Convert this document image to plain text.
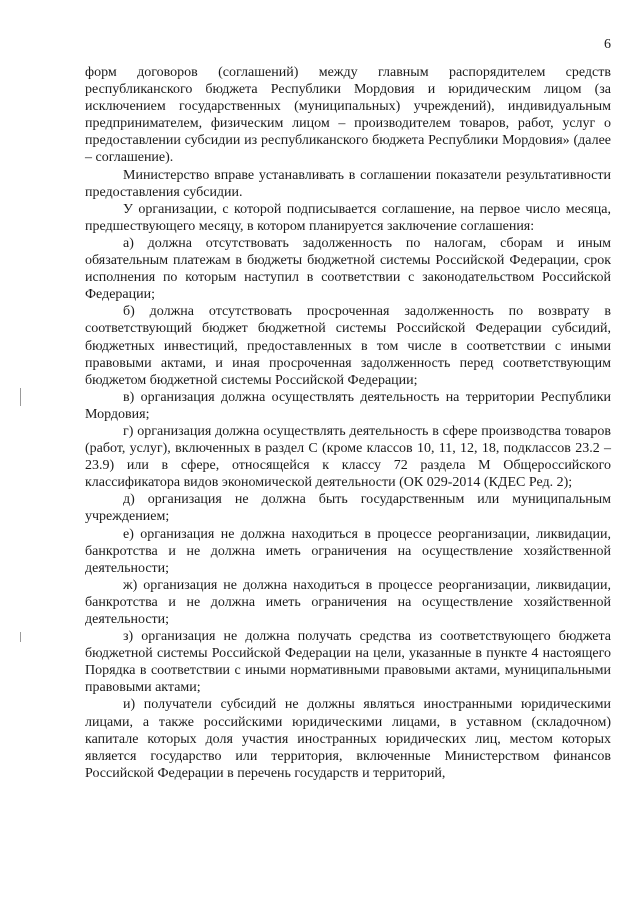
6

форм договоров (соглашений) между главным распорядителем средств республиканского бюджета Республики Мордовия и юридическим лицом (за исключением государственных (муниципальных) учреждений), индивидуальным предпринимателем, физическим лицом – производителем товаров, работ, услуг о предоставлении субсидии из республиканского бюджета Республики Мордовия» (далее – соглашение).

Министерство вправе устанавливать в соглашении показатели результативности предоставления субсидии.

У организации, с которой подписывается соглашение, на первое число месяца, предшествующего месяцу, в котором планируется заключение соглашения:

а) должна отсутствовать задолженность по налогам, сборам и иным обязательным платежам в бюджеты бюджетной системы Российской Федерации, срок исполнения по которым наступил в соответствии с законодательством Российской Федерации;

б) должна отсутствовать просроченная задолженность по возврату в соответствующий бюджет бюджетной системы Российской Федерации субсидий, бюджетных инвестиций, предоставленных в том числе в соответствии с иными правовыми актами, и иная просроченная задолженность перед соответствующим бюджетом бюджетной системы Российской Федерации;

в) организация должна осуществлять деятельность на территории Республики Мордовия;

г) организация должна осуществлять деятельность в сфере производства товаров (работ, услуг), включенных в раздел С (кроме классов 10, 11, 12, 18, подклассов 23.2 – 23.9) или в сфере, относящейся к классу 72 раздела М Общероссийского классификатора видов экономической деятельности (ОК 029-2014 (КДЕС Ред. 2);

д) организация не должна быть государственным или муниципальным учреждением;

е) организация не должна находиться в процессе реорганизации, ликвидации, банкротства и не должна иметь ограничения на осуществление хозяйственной деятельности;

ж) организация не должна находиться в процессе реорганизации, ликвидации, банкротства и не должна иметь ограничения на осуществление хозяйственной деятельности;

з) организация не должна получать средства из соответствующего бюджета бюджетной системы Российской Федерации на цели, указанные в пункте 4 настоящего Порядка в соответствии с иными нормативными правовыми актами, муниципальными правовыми актами;

и) получатели субсидий не должны являться иностранными юридическими лицами, а также российскими юридическими лицами, в уставном (складочном) капитале которых доля участия иностранных юридических лиц, местом которых является государство или территория, включенные Министерством финансов Российской Федерации в перечень государств и территорий,
